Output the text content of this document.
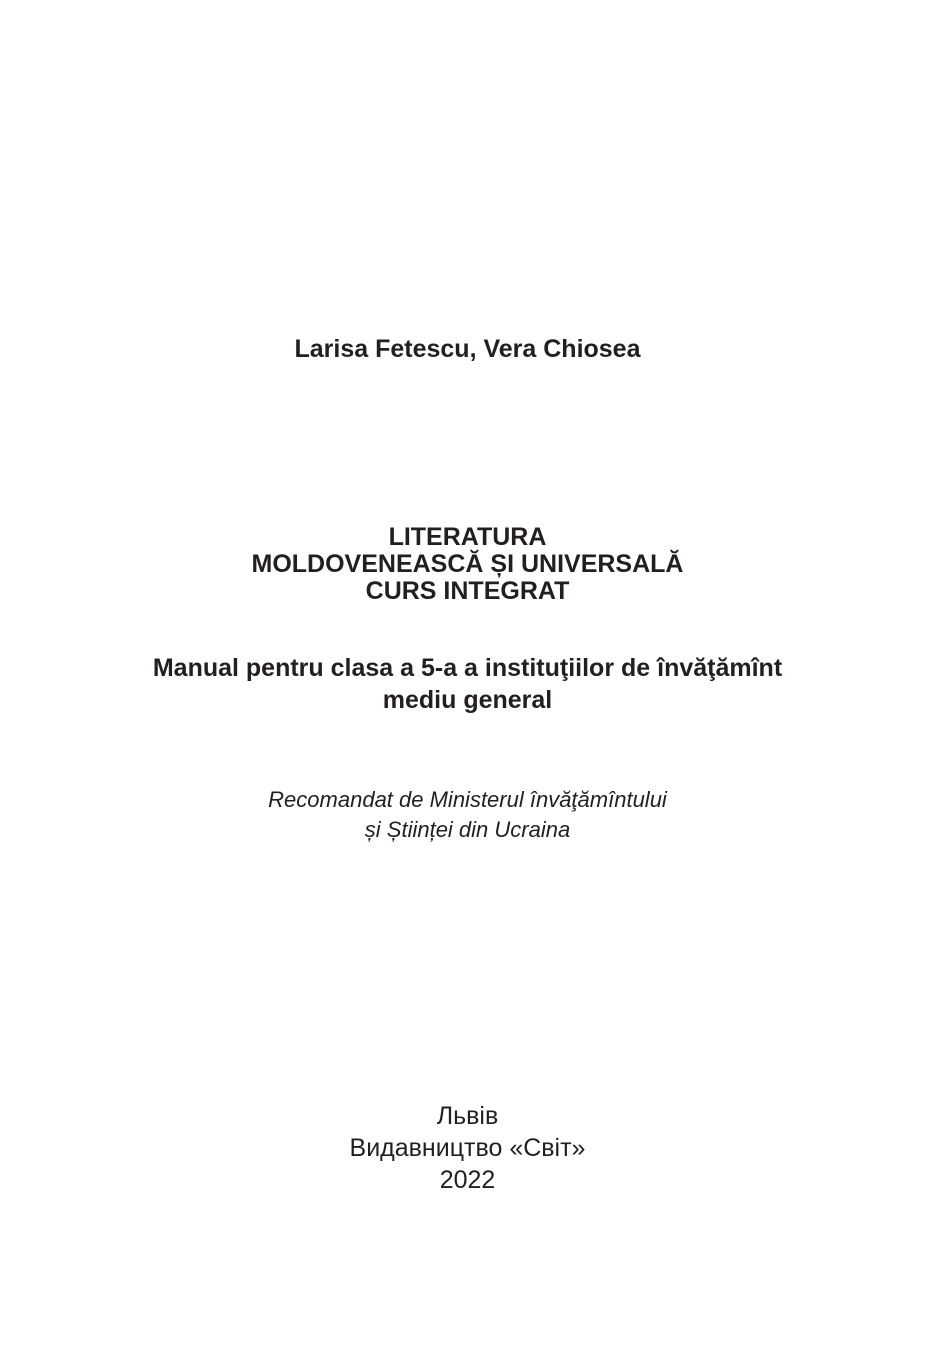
Larisa Fetescu, Vera Chiosea
LITERATURA
MOLDOVENEASCĂ ȘI UNIVERSALĂ
CURS INTEGRAT
Manual pentru clasa a 5-a a instituţiilor de învăţămînt
mediu general
Recomandat de Ministerul învăţămîntului
și Științei din Ucraina
Львів
Видавництво «Світ»
2022
